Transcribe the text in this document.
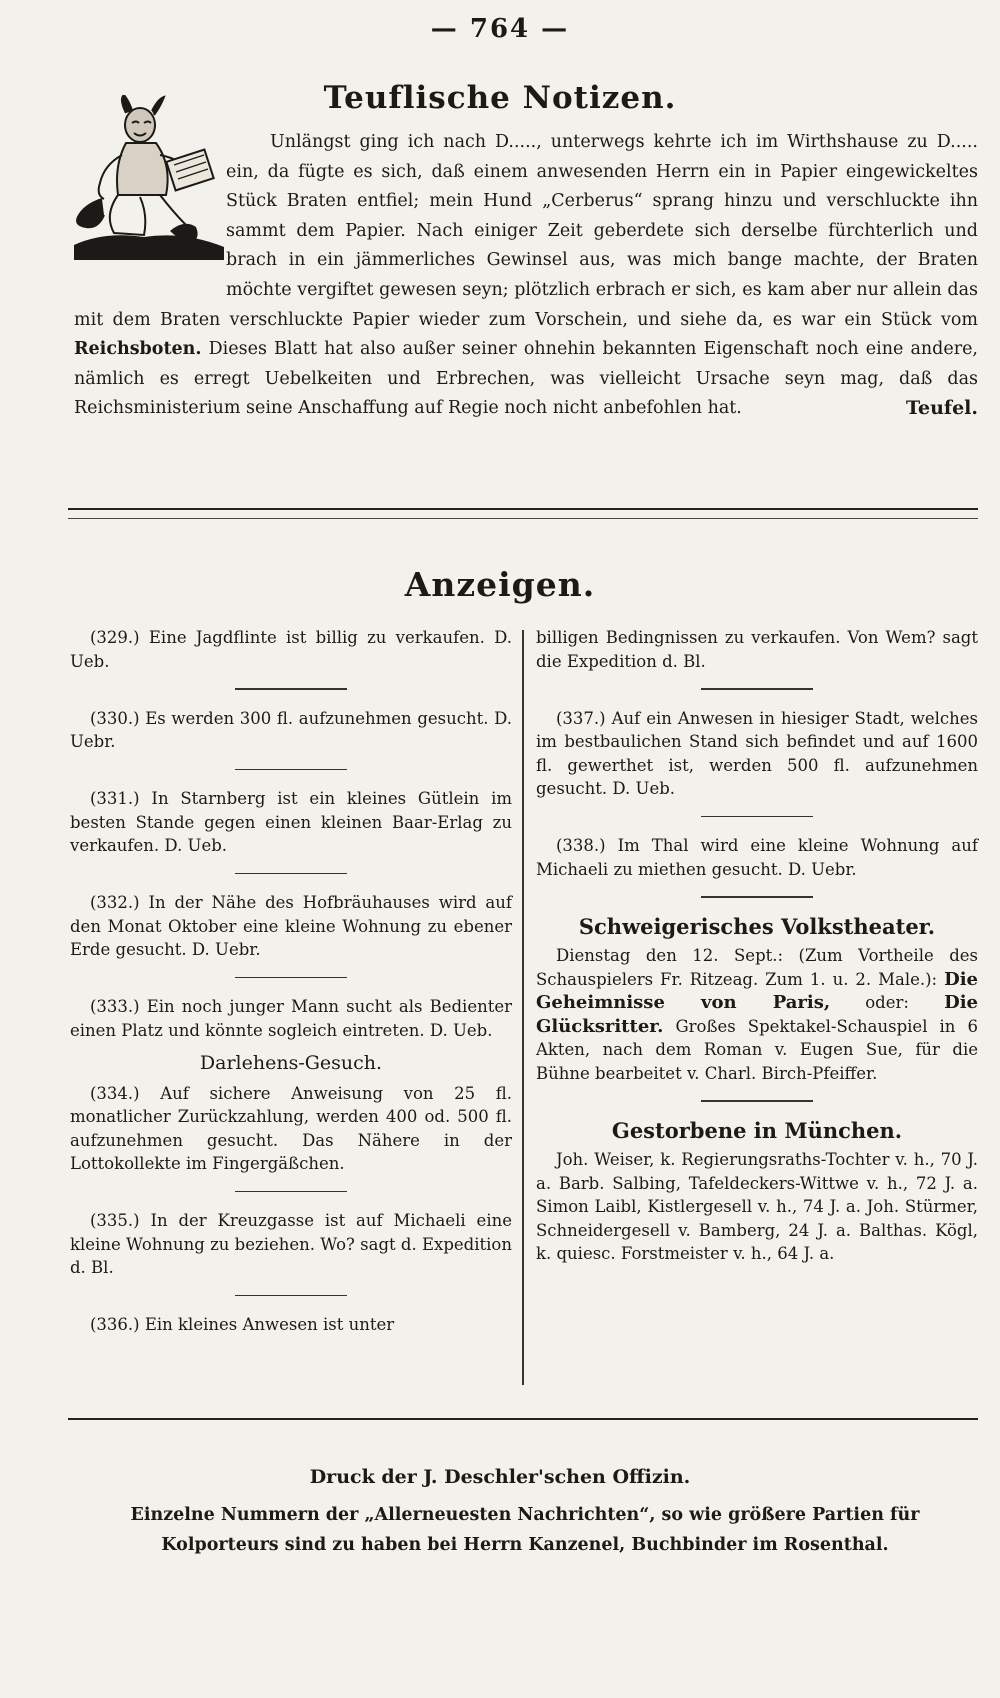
— 764 —
Teuflische Notizen.
Unlängst ging ich nach D....., unterwegs kehrte ich im Wirthshause zu D..... ein, da fügte es sich, daß einem anwesenden Herrn ein in Papier eingewickeltes Stück Braten entfiel; mein Hund „Cerberus“ sprang hinzu und verschluckte ihn sammt dem Papier. Nach einiger Zeit geberdete sich derselbe fürchterlich und brach in ein jämmerliches Gewinsel aus, was mich bange machte, der Braten möchte vergiftet gewesen seyn; plötzlich erbrach er sich, es kam aber nur allein das mit dem Braten verschluckte Papier wieder zum Vorschein, und siehe da, es war ein Stück vom Reichsboten. Dieses Blatt hat also außer seiner ohnehin bekannten Eigenschaft noch eine andere, nämlich es erregt Uebelkeiten und Erbrechen, was vielleicht Ursache seyn mag, daß das Reichsministerium seine Anschaffung auf Regie noch nicht anbefohlen hat.	Teufel.
Anzeigen.

(329.) Eine Jagdflinte ist billig zu verkaufen. D. Ueb.

(330.) Es werden 300 fl. aufzunehmen gesucht. D. Uebr.

(331.) In Starnberg ist ein kleines Gütlein im besten Stande gegen einen kleinen Baar-Erlag zu verkaufen. D. Ueb.

(332.) In der Nähe des Hofbräuhauses wird auf den Monat Oktober eine kleine Wohnung zu ebener Erde gesucht. D. Uebr.

(333.) Ein noch junger Mann sucht als Bedienter einen Platz und könnte sogleich eintreten. D. Ueb.

Darlehens-Gesuch.

(334.) Auf sichere Anweisung von 25 fl. monatlicher Zurückzahlung, werden 400 od. 500 fl. aufzunehmen gesucht. Das Nähere in der Lottokollekte im Fingergäßchen.

(335.) In der Kreuzgasse ist auf Michaeli eine kleine Wohnung zu beziehen. Wo? sagt d. Expedition d. Bl.

(336.) Ein kleines Anwesen ist unter

billigen Bedingnissen zu verkaufen. Von Wem? sagt die Expedition d. Bl.

(337.) Auf ein Anwesen in hiesiger Stadt, welches im bestbaulichen Stand sich befindet und auf 1600 fl. gewerthet ist, werden 500 fl. aufzunehmen gesucht. D. Ueb.

(338.) Im Thal wird eine kleine Wohnung auf Michaeli zu miethen gesucht. D. Uebr.

Schweigerisches Volkstheater.

Dienstag den 12. Sept.: (Zum Vortheile des Schauspielers Fr. Ritzeag. Zum 1. u. 2. Male.): Die Geheimnisse von Paris, oder: Die Glücksritter. Großes Spektakel-Schauspiel in 6 Akten, nach dem Roman v. Eugen Sue, für die Bühne bearbeitet v. Charl. Birch-Pfeiffer.

Gestorbene in München.

Joh. Weiser, k. Regierungsraths-Tochter v. h., 70 J. a. Barb. Salbing, Tafeldeckers-Wittwe v. h., 72 J. a. Simon Laibl, Kistlergesell v. h., 74 J. a. Joh. Stürmer, Schneidergesell v. Bamberg, 24 J. a. Balthas. Kögl, k. quiesc. Forstmeister v. h., 64 J. a.

Druck der J. Deschler'schen Offizin.
Einzelne Nummern der „Allerneuesten Nachrichten“, so wie größere Partien für Kolporteurs sind zu haben bei Herrn Kanzenel, Buchbinder im Rosenthal.
